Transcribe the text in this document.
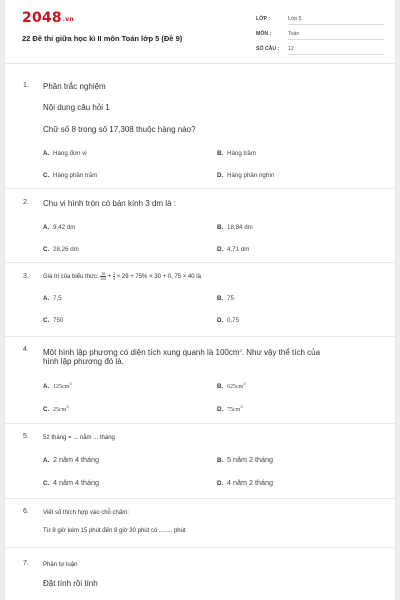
2048.vn
22 Đề thi giữa học kì II môn Toán lớp 5 (Đề 9)
LỚP :	Lớp 5
MÔN :	Toán
SỐ CÂU : 12
1. Phần trắc nghiệm
Nội dung câu hỏi 1
Chữ số 8 trong số 17,308 thuộc hàng nào?
A. Hàng đơn vị	B. Hàng trăm
C. Hàng phần trăm	D. Hàng phần nghìn
2. Chu vi hình tròn có bán kính 3 dm là :
A. 9,42 dm	B. 18,84 dm
C. 28,26 dm	D. 4,71 dm
3. Giá trị của biểu thức: $\frac{25}{100} + \frac{1}{4} \times 29 + 75\% \times 30 + 0$, 75 × 40 là
A. 7,5	B. 75
C. 750	D. 0,75
4. Một hình lập phương có diện tích xung quanh là $100cm^2$. Như vậy thể tích của
hình lập phương đó là.
A. $125cm^3$	B. $625cm^3$
C. $25cm^3$	D. $75cm^3$
5. 52 tháng = ... năm ... tháng
A. 2 năm 4 tháng	B. 5 năm 2 tháng
C. 4 năm 4 tháng	D. 4 năm 2 tháng
6. Viết số thích hợp vào chỗ chấm:
Từ 8 giờ kém 15 phút đến 8 giờ 30 phút có ........ phút
7. Phần tự luận
Đặt tính rồi tính
